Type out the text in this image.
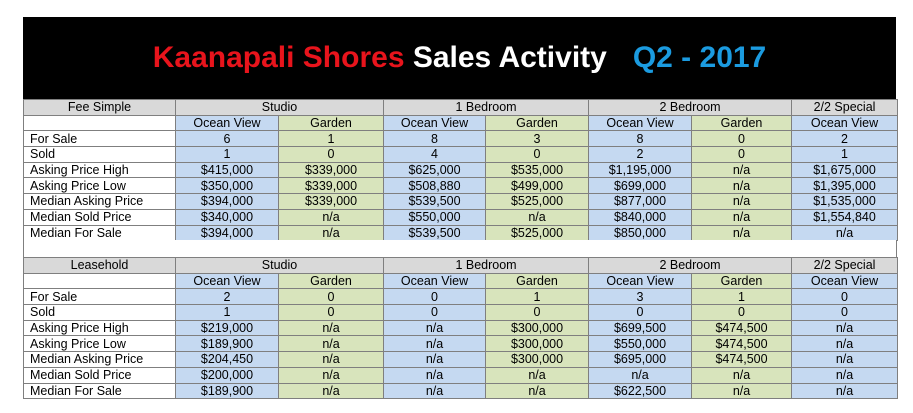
Kaanapali Shores Sales Activity Q2 - 2017
Fee Simple	Studio		1 Bedroom		2 Bedroom		2/2 Special
	Ocean View	Garden	Ocean View	Garden	Ocean View	Garden	Ocean View
For Sale	6	1	8	3	8	0	2
Sold	1	0	4	0	2	0	1
Asking Price High	$415,000	$339,000	$625,000	$535,000	$1,195,000	n/a	$1,675,000
Asking Price Low	$350,000	$339,000	$508,880	$499,000	$699,000	n/a	$1,395,000
Median Asking Price	$394,000	$339,000	$539,500	$525,000	$877,000	n/a	$1,535,000
Median Sold Price	$340,000	n/a	$550,000	n/a	$840,000	n/a	$1,554,840
Median For Sale	$394,000	n/a	$539,500	$525,000	$850,000	n/a	n/a
Leasehold	Studio		1 Bedroom		2 Bedroom		2/2 Special
	Ocean View	Garden	Ocean View	Garden	Ocean View	Garden	Ocean View
For Sale	2	0	0	1	3	1	0
Sold	1	0	0	0	0	0	0
Asking Price High	$219,000	n/a	n/a	$300,000	$699,500	$474,500	n/a
Asking Price Low	$189,900	n/a	n/a	$300,000	$550,000	$474,500	n/a
Median Asking Price	$204,450	n/a	n/a	$300,000	$695,000	$474,500	n/a
Median Sold Price	$200,000	n/a	n/a	n/a	n/a	n/a	n/a
Median For Sale	$189,900	n/a	n/a	n/a	$622,500	n/a	n/a
